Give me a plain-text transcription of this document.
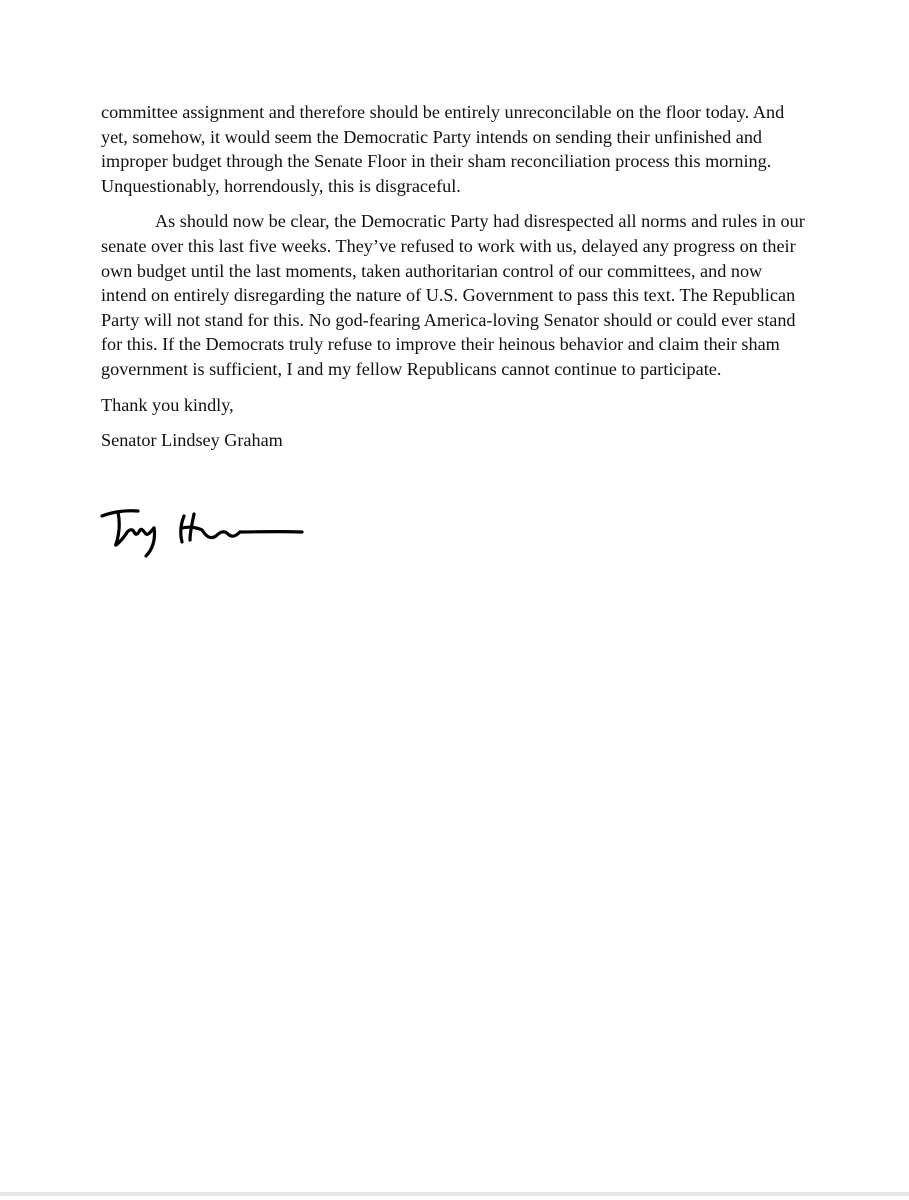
committee assignment and therefore should be entirely unreconcilable on the floor today. And yet, somehow, it would seem the Democratic Party intends on sending their unfinished and improper budget through the Senate Floor in their sham reconciliation process this morning. Unquestionably, horrendously, this is disgraceful.

As should now be clear, the Democratic Party had disrespected all norms and rules in our senate over this last five weeks. They’ve refused to work with us, delayed any progress on their own budget until the last moments, taken authoritarian control of our committees, and now intend on entirely disregarding the nature of U.S. Government to pass this text. The Republican Party will not stand for this. No god-fearing America-loving Senator should or could ever stand for this. If the Democrats truly refuse to improve their heinous behavior and claim their sham government is sufficient, I and my fellow Republicans cannot continue to participate.

Thank you kindly,

Senator Lindsey Graham
